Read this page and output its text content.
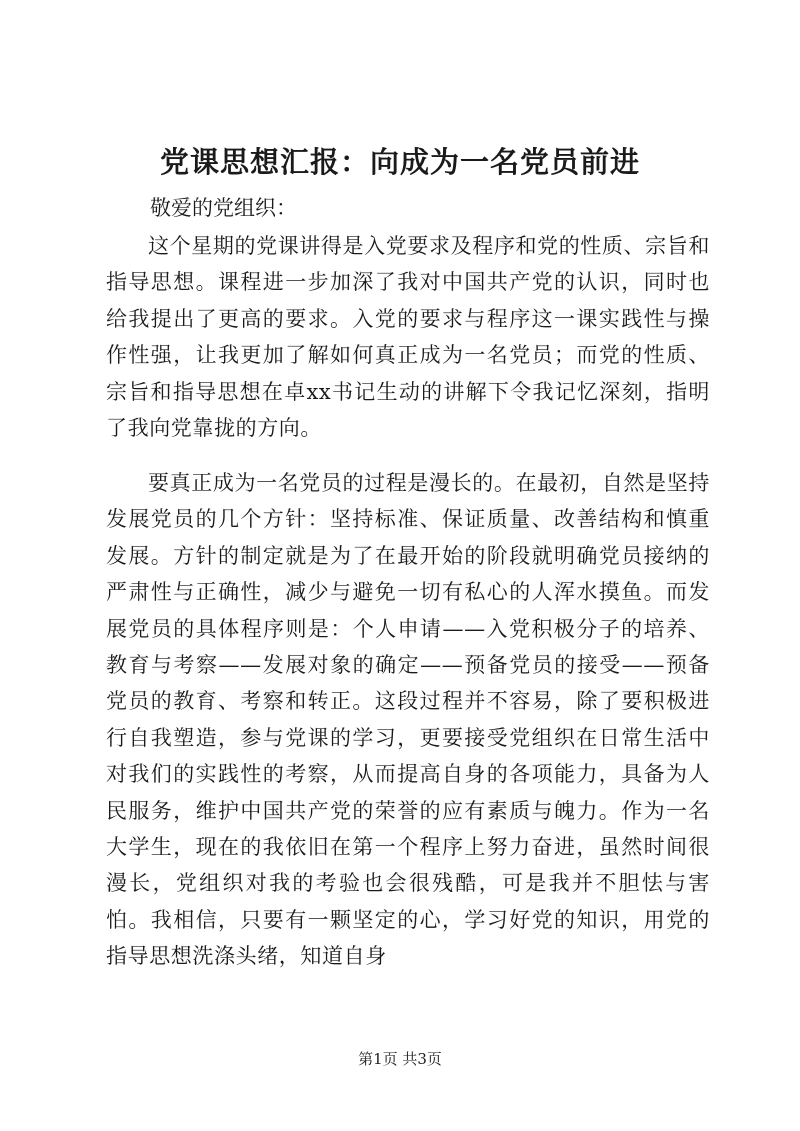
党课思想汇报：向成为一名党员前进

敬爱的党组织：

这个星期的党课讲得是入党要求及程序和党的性质、宗旨和指导思想。课程进一步加深了我对中国共产党的认识，同时也给我提出了更高的要求。入党的要求与程序这一课实践性与操作性强，让我更加了解如何真正成为一名党员；而党的性质、宗旨和指导思想在卓xx书记生动的讲解下令我记忆深刻，指明了我向党靠拢的方向。

要真正成为一名党员的过程是漫长的。在最初，自然是坚持发展党员的几个方针：坚持标准、保证质量、改善结构和慎重发展。方针的制定就是为了在最开始的阶段就明确党员接纳的严肃性与正确性，减少与避免一切有私心的人浑水摸鱼。而发展党员的具体程序则是：个人申请——入党积极分子的培养、教育与考察——发展对象的确定——预备党员的接受——预备党员的教育、考察和转正。这段过程并不容易，除了要积极进行自我塑造，参与党课的学习，更要接受党组织在日常生活中对我们的实践性的考察，从而提高自身的各项能力，具备为人民服务，维护中国共产党的荣誉的应有素质与魄力。作为一名大学生，现在的我依旧在第一个程序上努力奋进，虽然时间很漫长，党组织对我的考验也会很残酷，可是我并不胆怯与害怕。我相信，只要有一颗坚定的心，学习好党的知识，用党的指导思想洗涤头绪，知道自身

第1页 共3页
